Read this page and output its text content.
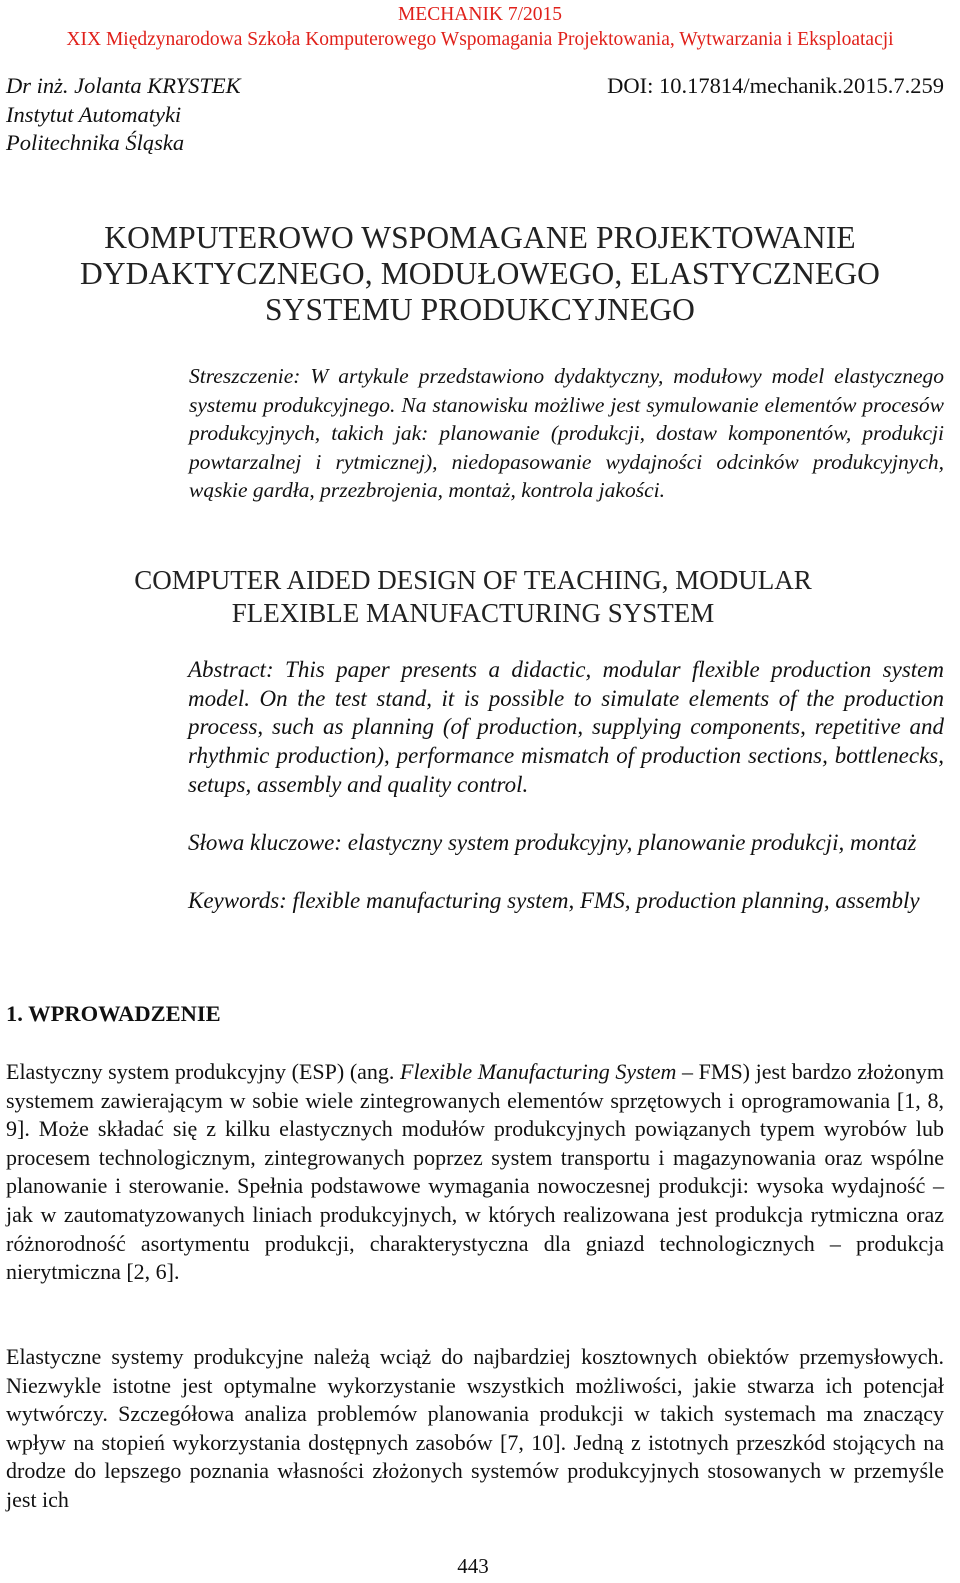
MECHANIK 7/2015
XIX Międzynarodowa Szkoła Komputerowego Wspomagania Projektowania, Wytwarzania i Eksploatacji
Dr inż. Jolanta KRYSTEK
Instytut Automatyki
Politechnika Śląska
DOI: 10.17814/mechanik.2015.7.259
KOMPUTEROWO WSPOMAGANE PROJEKTOWANIE
DYDAKTYCZNEGO, MODUŁOWEGO, ELASTYCZNEGO
SYSTEMU PRODUKCYJNEGO
Streszczenie: W artykule przedstawiono dydaktyczny, modułowy model elastycznego systemu produkcyjnego. Na stanowisku możliwe jest symulowanie elementów procesów produkcyjnych, takich jak: planowanie (produkcji, dostaw komponentów, produkcji powtarzalnej i rytmicznej), niedopasowanie wydajności odcinków produkcyjnych, wąskie gardła, przezbrojenia, montaż, kontrola jakości.
COMPUTER AIDED DESIGN OF TEACHING, MODULAR
FLEXIBLE MANUFACTURING SYSTEM
Abstract: This paper presents a didactic, modular flexible production system model. On the test stand, it is possible to simulate elements of the production process, such as planning (of production, supplying components, repetitive and rhythmic production), performance mismatch of production sections, bottlenecks, setups, assembly and quality control.
Słowa kluczowe: elastyczny system produkcyjny, planowanie produkcji, montaż
Keywords: flexible manufacturing system, FMS, production planning, assembly
1. WPROWADZENIE
Elastyczny system produkcyjny (ESP) (ang. Flexible Manufacturing System – FMS) jest bardzo złożonym systemem zawierającym w sobie wiele zintegrowanych elementów sprzętowych i oprogramowania [1, 8, 9]. Może składać się z kilku elastycznych modułów produkcyjnych powiązanych typem wyrobów lub procesem technologicznym, zintegrowanych poprzez system transportu i magazynowania oraz wspólne planowanie i sterowanie. Spełnia podstawowe wymagania nowoczesnej produkcji: wysoka wydajność – jak w zautomatyzowanych liniach produkcyjnych, w których realizowana jest produkcja rytmiczna oraz różnorodność asortymentu produkcji, charakterystyczna dla gniazd technologicznych – produkcja nierytmiczna [2, 6].
Elastyczne systemy produkcyjne należą wciąż do najbardziej kosztownych obiektów przemysłowych. Niezwykle istotne jest optymalne wykorzystanie wszystkich możliwości, jakie stwarza ich potencjał wytwórczy. Szczegółowa analiza problemów planowania produkcji w takich systemach ma znaczący wpływ na stopień wykorzystania dostępnych zasobów [7, 10]. Jedną z istotnych przeszkód stojących na drodze do lepszego poznania własności złożonych systemów produkcyjnych stosowanych w przemyśle jest ich
443
